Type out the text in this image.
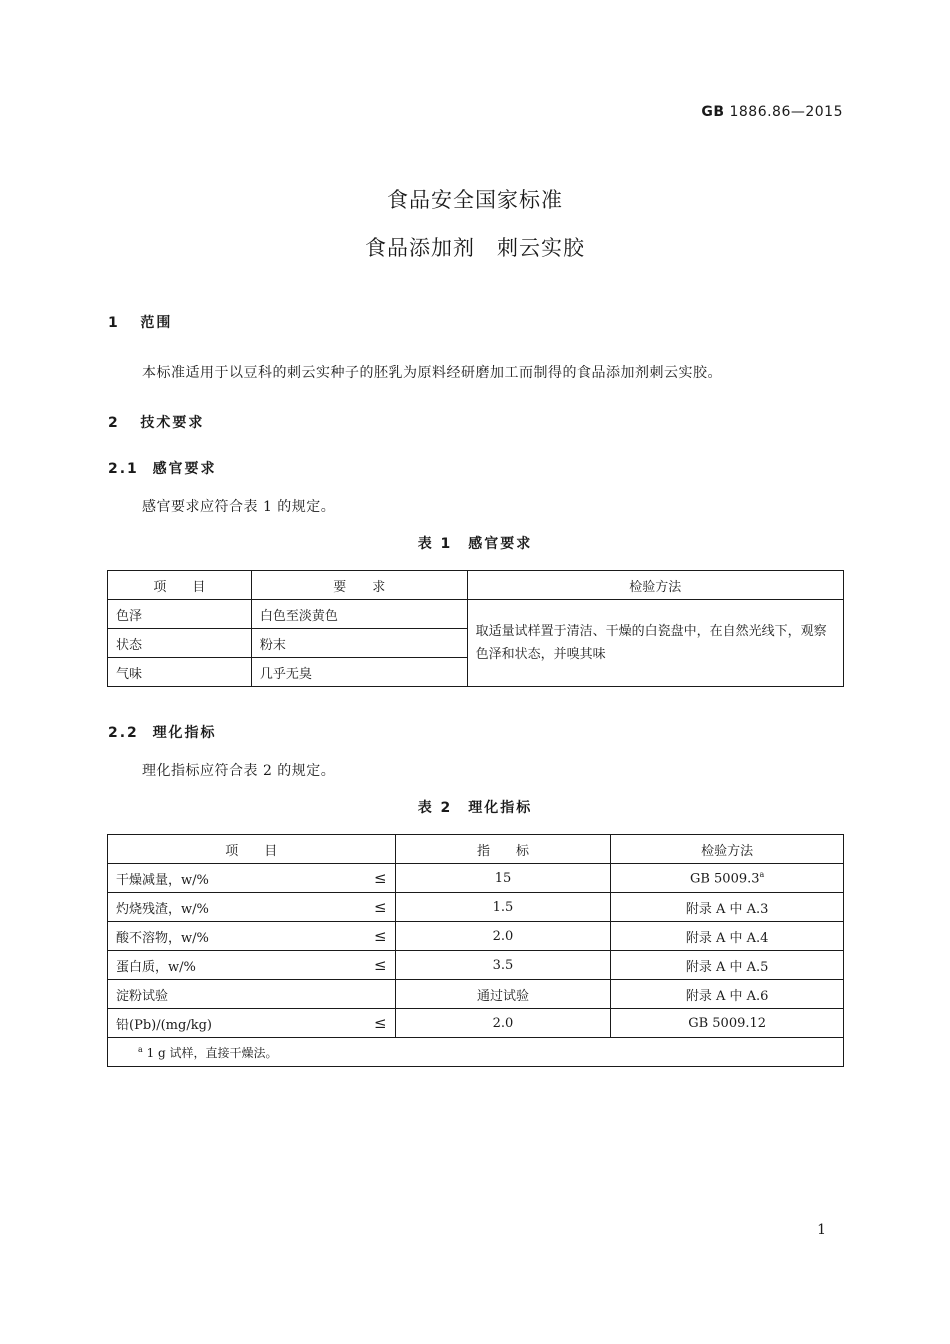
GB 1886.86—2015
食品安全国家标准
食品添加剂　刺云实胶
1 范围
本标准适用于以豆科的刺云实种子的胚乳为原料经研磨加工而制得的食品添加剂刺云实胶。
2 技术要求
2.1 感官要求
感官要求应符合表 1 的规定。
表 1　感官要求
项　　目	要　　求	检验方法
色泽	白色至淡黄色	取适量试样置于清洁、干燥的白瓷盘中，在自然光线下，观察色泽和状态，并嗅其味
状态	粉末	
气味	几乎无臭	
2.2 理化指标
理化指标应符合表 2 的规定。
表 2　理化指标
项　　目	指　　标	检验方法
干燥减量，w/% ≤	15	GB 5009.3$^a$
灼烧残渣，w/% ≤	1.5	附录 A 中 A.3
酸不溶物，w/% ≤	2.0	附录 A 中 A.4
蛋白质，w/% ≤	3.5	附录 A 中 A.5
淀粉试验	通过试验	附录 A 中 A.6
铅(Pb)/(mg/kg) ≤	2.0	GB 5009.12
$^a$ 1 g 试样，直接干燥法。		
1
